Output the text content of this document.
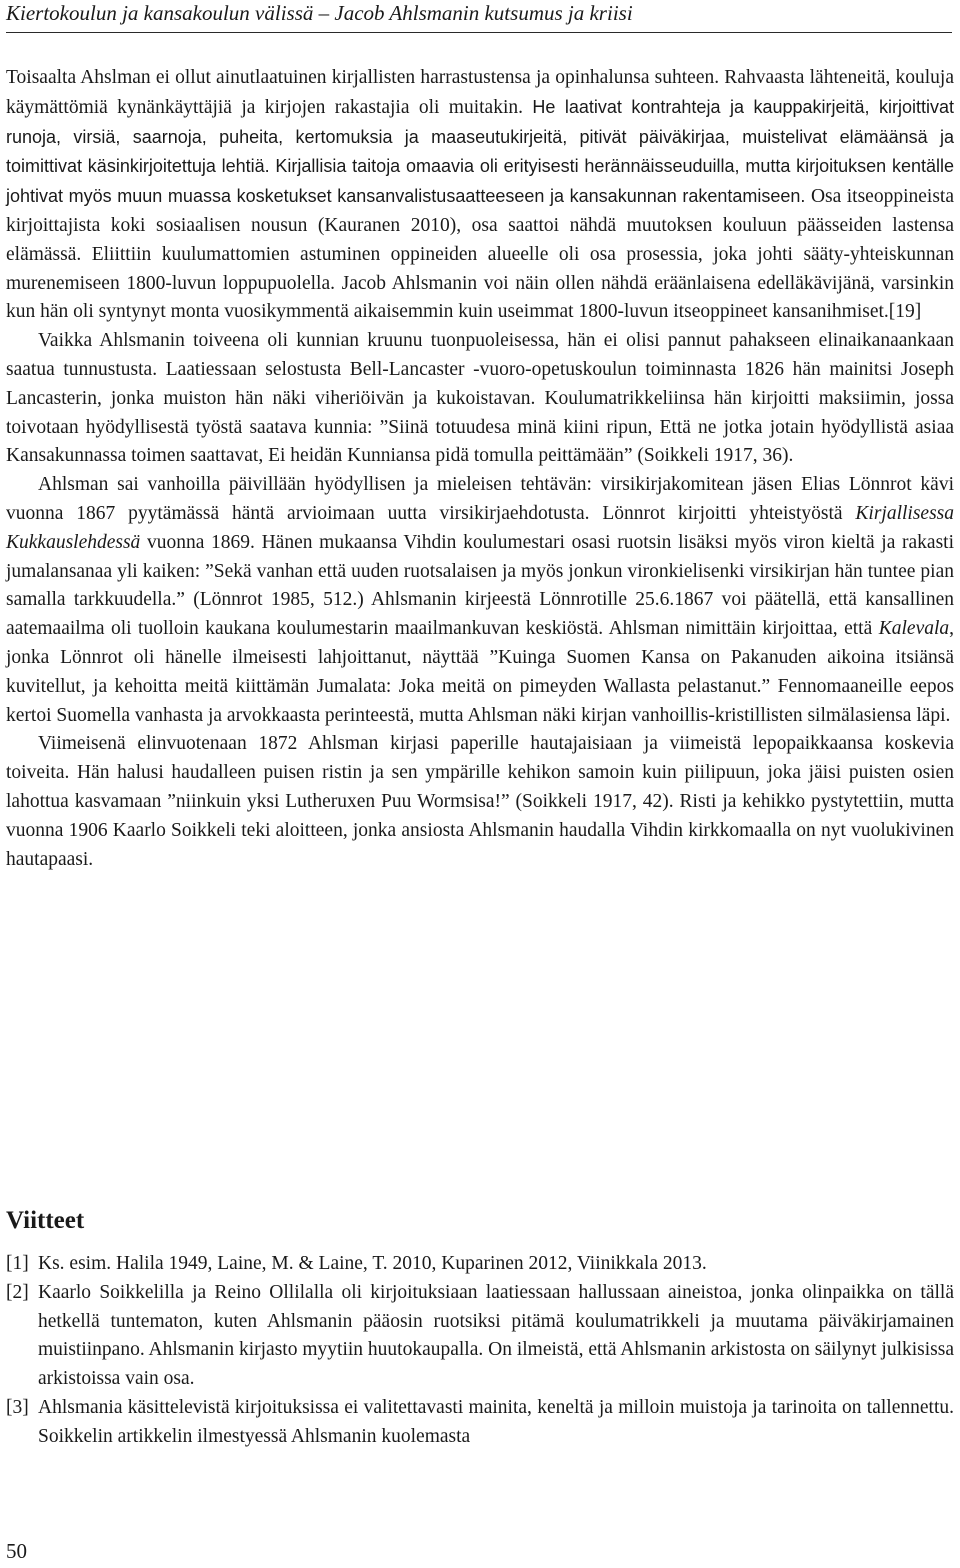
Kiertokoulun ja kansakoulun välissä – Jacob Ahlsmanin kutsumus ja kriisi

Toisaalta Ahslman ei ollut ainutlaatuinen kirjallisten harrastustensa ja opinhalunsa suhteen. Rahvaasta lähteneitä, kouluja käymättömiä kynänkäyttäjiä ja kirjojen rakastajia oli muitakin. He laativat kontrahteja ja kauppakirjeitä, kirjoittivat runoja, virsiä, saarnoja, puheita, kertomuksia ja maaseutukirjeitä, pitivät päiväkirjaa, muistelivat elämäänsä ja toimittivat käsinkirjoitettuja lehtiä. Kirjallisia taitoja omaavia oli erityisesti herännäisseuduilla, mutta kirjoituksen kentälle johtivat myös muun muassa kosketukset kansanvalistusaatteeseen ja kansakunnan rakentamiseen. Osa itseoppineista kirjoittajista koki sosiaalisen nousun (Kauranen 2010), osa saattoi nähdä muutoksen kouluun päässeiden lastensa elämässä. Eliittiin kuulumattomien astuminen oppineiden alueelle oli osa prosessia, joka johti sääty-yhteiskunnan murenemiseen 1800-luvun loppupuolella. Jacob Ahlsmanin voi näin ollen nähdä eräänlaisena edelläkävijänä, varsinkin kun hän oli syntynyt monta vuosikymmentä aikaisemmin kuin useimmat 1800-luvun itseoppineet kansanihmiset.[19]

Vaikka Ahlsmanin toiveena oli kunnian kruunu tuonpuoleisessa, hän ei olisi pannut pahakseen elinaikanaankaan saatua tunnustusta. Laatiessaan selostusta Bell-Lancaster -vuoro-opetuskoulun toiminnasta 1826 hän mainitsi Joseph Lancasterin, jonka muiston hän näki viheriöivän ja kukoistavan. Koulumatrikkeliinsa hän kirjoitti maksiimin, jossa toivotaan hyödyllisestä työstä saatava kunnia: ”Siinä totuudesa minä kiini ripun, Että ne jotka jotain hyödyllistä asiaa Kansakunnassa toimen saattavat, Ei heidän Kunniansa pidä tomulla peittämään” (Soikkeli 1917, 36).

Ahlsman sai vanhoilla päivillään hyödyllisen ja mieleisen tehtävän: virsikirjakomitean jäsen Elias Lönnrot kävi vuonna 1867 pyytämässä häntä arvioimaan uutta virsikirjaehdotusta. Lönnrot kirjoitti yhteistyöstä Kirjallisessa Kukkauslehdessä vuonna 1869. Hänen mukaansa Vihdin koulumestari osasi ruotsin lisäksi myös viron kieltä ja rakasti jumalansanaa yli kaiken: ”Sekä vanhan että uuden ruotsalaisen ja myös jonkun vironkielisenki virsikirjan hän tuntee pian samalla tarkkuudella.” (Lönnrot 1985, 512.) Ahlsmanin kirjeestä Lönnrotille 25.6.1867 voi päätellä, että kansallinen aatemaailma oli tuolloin kaukana koulumestarin maailmankuvan keskiöstä. Ahlsman nimittäin kirjoittaa, että Kalevala, jonka Lönnrot oli hänelle ilmeisesti lahjoittanut, näyttää ”Kuinga Suomen Kansa on Pakanuden aikoina itsiänsä kuvitellut, ja kehoitta meitä kiittämän Jumalata: Joka meitä on pimeyden Wallasta pelastanut.” Fennomaaneille eepos kertoi Suomella vanhasta ja arvokkaasta perinteestä, mutta Ahlsman näki kirjan vanhoillis-kristillisten silmälasiensa läpi.

Viimeisenä elinvuotenaan 1872 Ahlsman kirjasi paperille hautajaisiaan ja viimeistä lepopaikkaansa koskevia toiveita. Hän halusi haudalleen puisen ristin ja sen ympärille kehikon samoin kuin piilipuun, joka jäisi puisten osien lahottua kasvamaan ”niinkuin yksi Lutheruxen Puu Wormsisa!” (Soikkeli 1917, 42). Risti ja kehikko pystytettiin, mutta vuonna 1906 Kaarlo Soikkeli teki aloitteen, jonka ansiosta Ahlsmanin haudalla Vihdin kirkkomaalla on nyt vuolukivinen hautapaasi.

Viitteet
[1] Ks. esim. Halila 1949, Laine, M. & Laine, T. 2010, Kuparinen 2012, Viinikkala 2013.
[2] Kaarlo Soikkelilla ja Reino Ollilalla oli kirjoituksiaan laatiessaan hallussaan aineistoa, jonka olinpaikka on tällä hetkellä tuntematon, kuten Ahlsmanin pääosin ruotsiksi pitämä koulumatrikkeli ja muutama päiväkirjamainen muistiinpano. Ahlsmanin kirjasto myytiin huutokaupalla. On ilmeistä, että Ahlsmanin arkistosta on säilynyt julkisissa arkistoissa vain osa.
[3] Ahlsmania käsittelevistä kirjoituksissa ei valitettavasti mainita, keneltä ja milloin muistoja ja tarinoita on tallennettu. Soikkelin artikkelin ilmestyessä Ahlsmanin kuolemasta
50
